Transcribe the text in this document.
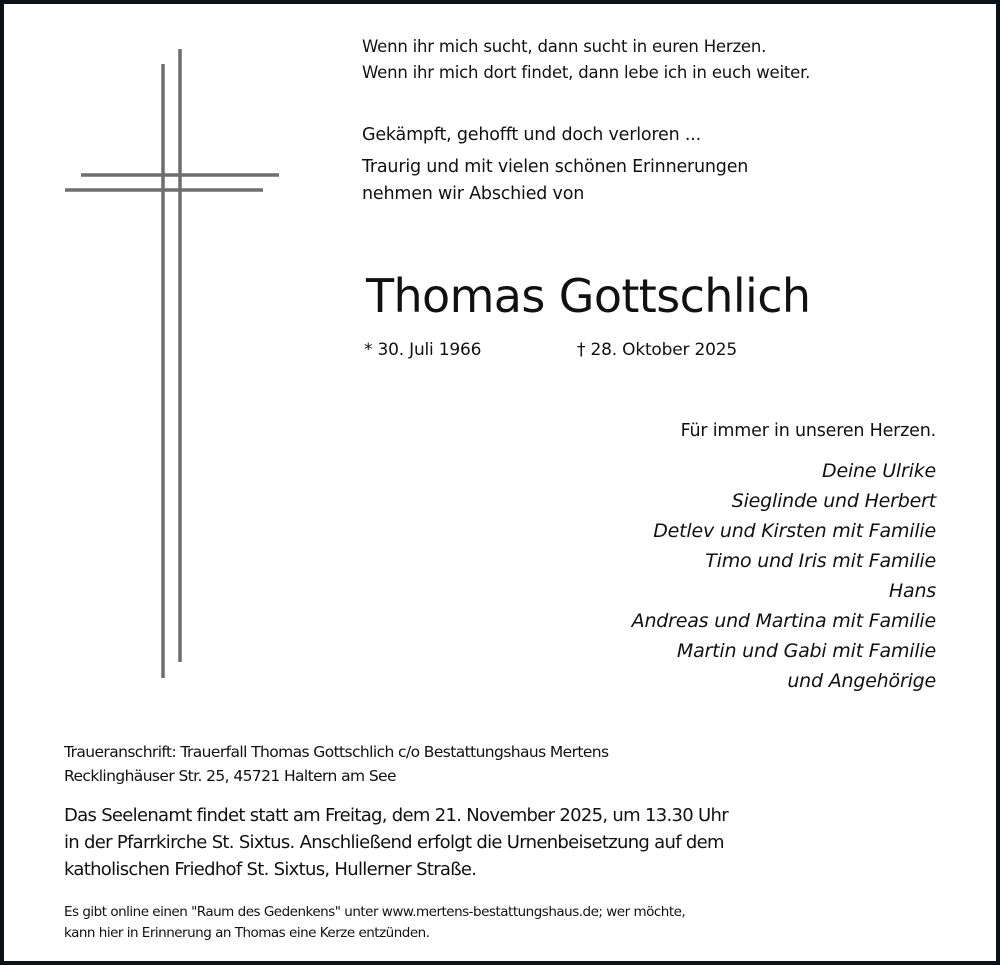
Wenn ihr mich sucht, dann sucht in euren Herzen.
Wenn ihr mich dort findet, dann lebe ich in euch weiter.
Gekämpft, gehofft und doch verloren ...
Traurig und mit vielen schönen Erinnerungen
nehmen wir Abschied von
Thomas Gottschlich
* 30. Juli 1966	† 28. Oktober 2025
Für immer in unseren Herzen.
Deine Ulrike
Sieglinde und Herbert
Detlev und Kirsten mit Familie
Timo und Iris mit Familie
Hans
Andreas und Martina mit Familie
Martin und Gabi mit Familie
und Angehörige
Traueranschrift: Trauerfall Thomas Gottschlich c/o Bestattungshaus Mertens
Recklinghäuser Str. 25, 45721 Haltern am See
Das Seelenamt findet statt am Freitag, dem 21. November 2025, um 13.30 Uhr
in der Pfarrkirche St. Sixtus. Anschließend erfolgt die Urnenbeisetzung auf dem
katholischen Friedhof St. Sixtus, Hullerner Straße.
Es gibt online einen "Raum des Gedenkens" unter www.mertens-bestattungshaus.de; wer möchte,
kann hier in Erinnerung an Thomas eine Kerze entzünden.
